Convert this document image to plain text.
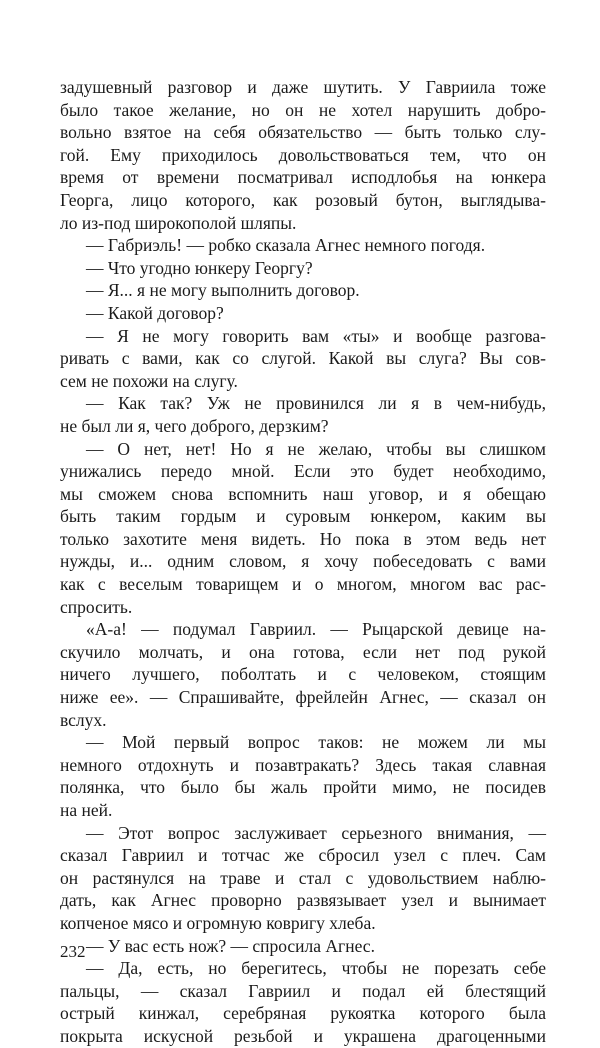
задушевный разговор и даже шутить. У Гавриила тоже
было такое желание, но он не хотел нарушить добро-
вольно взятое на себя обязательство — быть только слу-
гой. Ему приходилось довольствоваться тем, что он
время от времени посматривал исподлобья на юнкера
Георга, лицо которого, как розовый бутон, выглядыва-
ло из-под широкополой шляпы.
— Габриэль! — робко сказала Агнес немного погодя.
— Что угодно юнкеру Георгу?
— Я... я не могу выполнить договор.
— Какой договор?
— Я не могу говорить вам «ты» и вообще разгова-
ривать с вами, как со слугой. Какой вы слуга? Вы сов-
сем не похожи на слугу.
— Как так? Уж не провинился ли я в чем-нибудь,
не был ли я, чего доброго, дерзким?
— О нет, нет! Но я не желаю, чтобы вы слишком
унижались передо мной. Если это будет необходимо,
мы сможем снова вспомнить наш уговор, и я обещаю
быть таким гордым и суровым юнкером, каким вы
только захотите меня видеть. Но пока в этом ведь нет
нужды, и... одним словом, я хочу побеседовать с вами
как с веселым товарищем и о многом, многом вас рас-
спросить.
«А-а! — подумал Гавриил. — Рыцарской девице на-
скучило молчать, и она готова, если нет под рукой
ничего лучшего, поболтать и с человеком, стоящим
ниже ее». — Спрашивайте, фрейлейн Агнес, — сказал он
вслух.
— Мой первый вопрос таков: не можем ли мы
немного отдохнуть и позавтракать? Здесь такая славная
полянка, что было бы жаль пройти мимо, не посидев
на ней.
— Этот вопрос заслуживает серьезного внимания, —
сказал Гавриил и тотчас же сбросил узел с плеч. Сам
он растянулся на траве и стал с удовольствием наблю-
дать, как Агнес проворно развязывает узел и вынимает
копченое мясо и огромную ковригу хлеба.
— У вас есть нож? — спросила Агнес.
— Да, есть, но берегитесь, чтобы не порезать себе
пальцы, — сказал Гавриил и подал ей блестящий
острый кинжал, серебряная рукоятка которого была
покрыта искусной резьбой и украшена драгоценными
232
